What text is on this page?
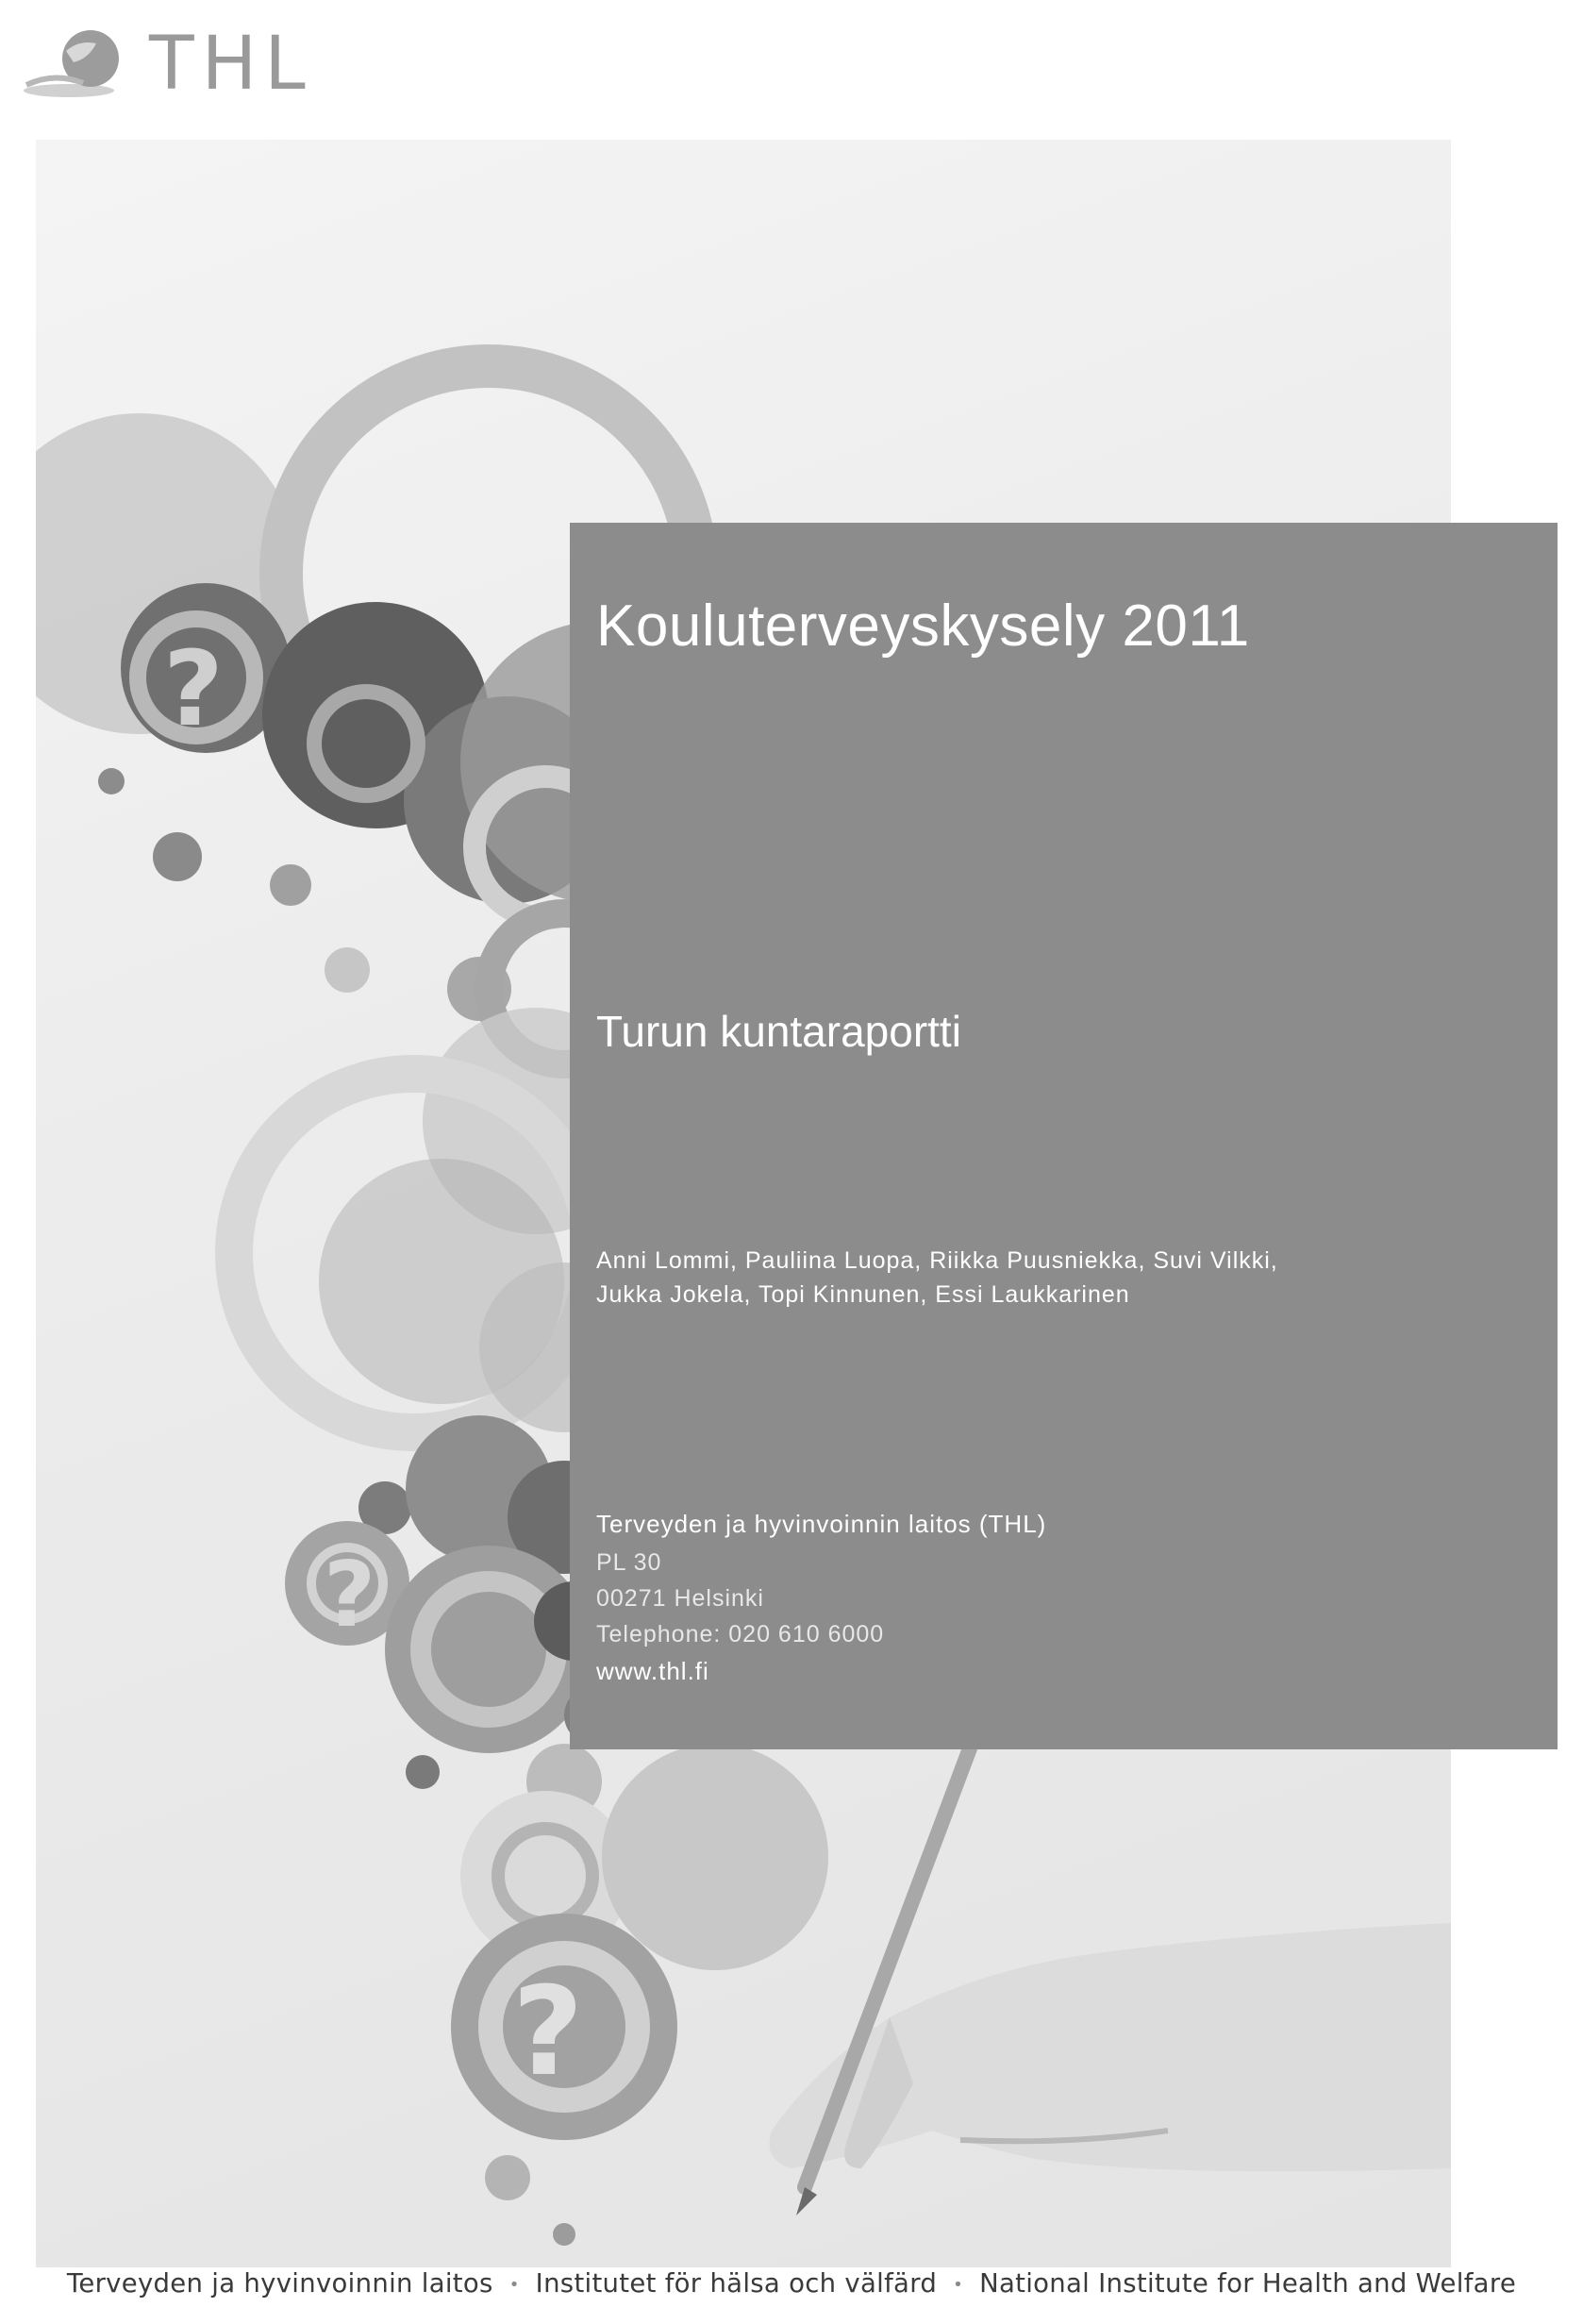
THL
?
?
?
Kouluterveyskysely 2011
Turun kuntaraportti
Anni Lommi, Pauliina Luopa, Riikka Puusniekka, Suvi Vilkki,
Jukka Jokela, Topi Kinnunen, Essi Laukkarinen
Terveyden ja hyvinvoinnin laitos (THL)
PL 30
00271 Helsinki
Telephone: 020 610 6000
www.thl.fi
Terveyden ja hyvinvoinnin laitos • Institutet för hälsa och välfärd • National Institute for Health and Welfare
